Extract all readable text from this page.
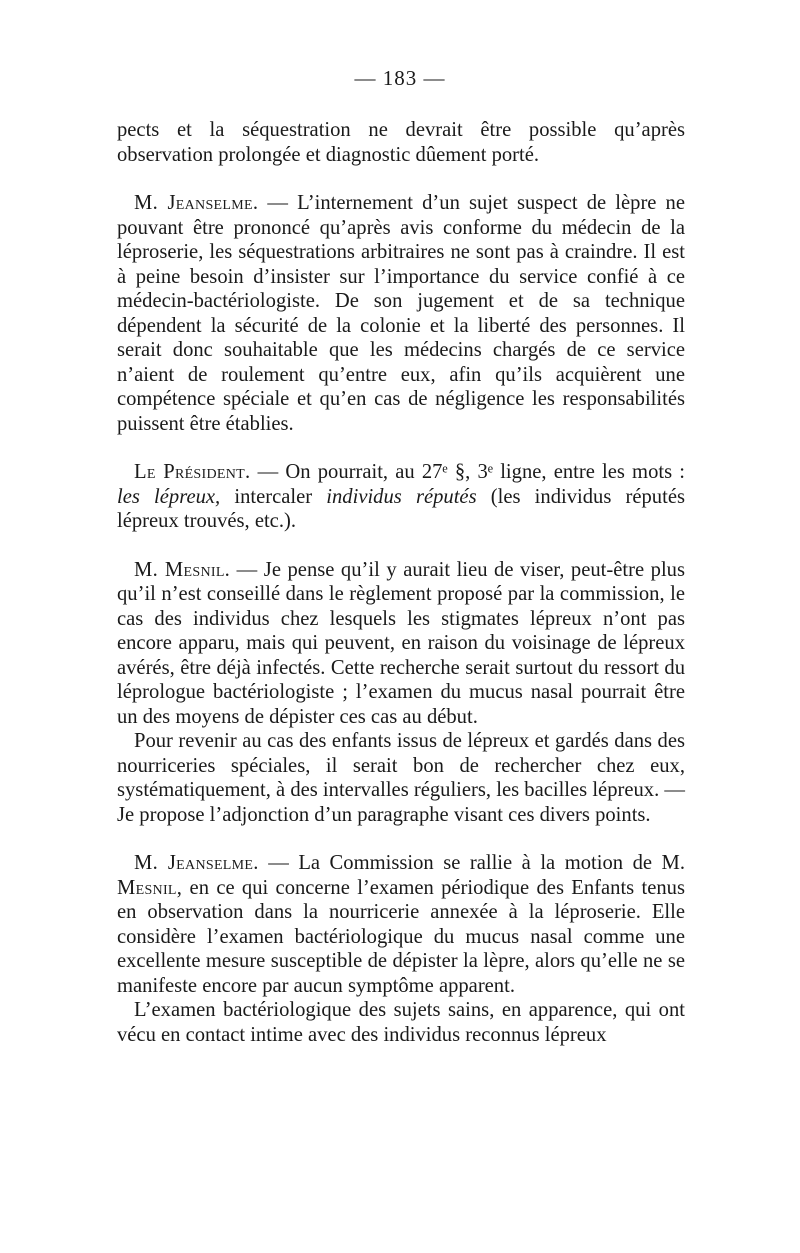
— 183 —

pects et la séquestration ne devrait être possible qu’après observation prolongée et diagnostic dûement porté.

M. Jeanselme. — L’internement d’un sujet suspect de lèpre ne pouvant être prononcé qu’après avis conforme du médecin de la léproserie, les séquestrations arbitraires ne sont pas à craindre. Il est à peine besoin d’insister sur l’importance du service confié à ce médecin-bactériologiste. De son jugement et de sa technique dépendent la sécurité de la colonie et la liberté des personnes. Il serait donc souhaitable que les médecins chargés de ce service n’aient de roulement qu’entre eux, afin qu’ils acquièrent une compétence spéciale et qu’en cas de négligence les responsabilités puissent être établies.

Le Président. — On pourrait, au 27ᵉ §, 3ᵉ ligne, entre les mots : les lépreux, intercaler individus réputés (les individus réputés lépreux trouvés, etc.).

M. Mesnil. — Je pense qu’il y aurait lieu de viser, peut-être plus qu’il n’est conseillé dans le règlement proposé par la commission, le cas des individus chez lesquels les stigmates lépreux n’ont pas encore apparu, mais qui peuvent, en raison du voisinage de lépreux avérés, être déjà infectés. Cette recherche serait surtout du ressort du léprologue bactériologiste ; l’examen du mucus nasal pourrait être un des moyens de dépister ces cas au début.

Pour revenir au cas des enfants issus de lépreux et gardés dans des nourriceries spéciales, il serait bon de rechercher chez eux, systématiquement, à des intervalles réguliers, les bacilles lépreux. — Je propose l’adjonction d’un paragraphe visant ces divers points.

M. Jeanselme. — La Commission se rallie à la motion de M. Mesnil, en ce qui concerne l’examen périodique des Enfants tenus en observation dans la nourricerie annexée à la léproserie. Elle considère l’examen bactériologique du mucus nasal comme une excellente mesure susceptible de dépister la lèpre, alors qu’elle ne se manifeste encore par aucun symptôme apparent.

L’examen bactériologique des sujets sains, en apparence, qui ont vécu en contact intime avec des individus reconnus lépreux
